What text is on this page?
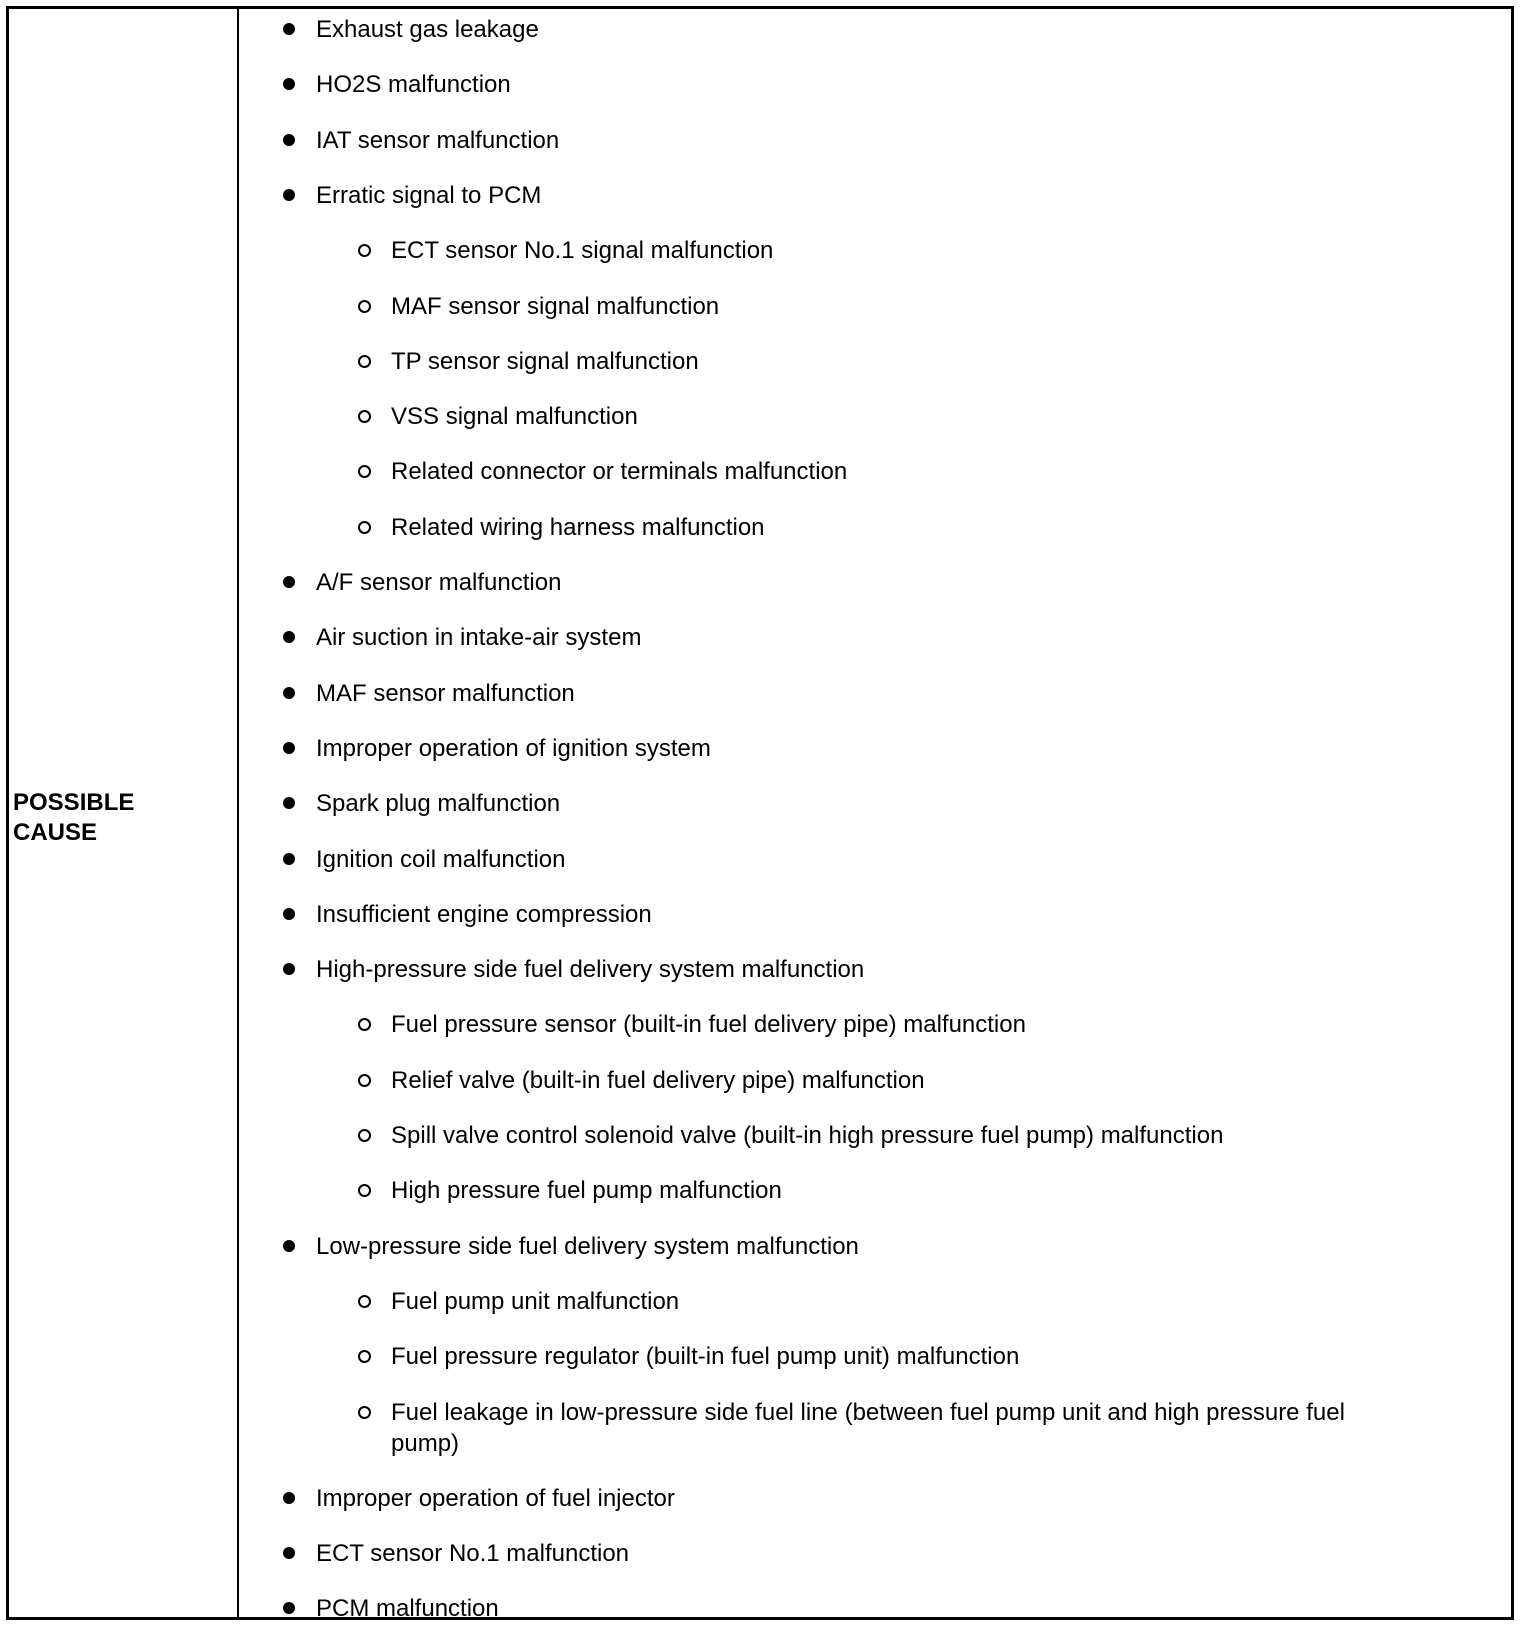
POSSIBLE
CAUSE
Exhaust gas leakage
HO2S malfunction
IAT sensor malfunction
Erratic signal to PCM
ECT sensor No.1 signal malfunction
MAF sensor signal malfunction
TP sensor signal malfunction
VSS signal malfunction
Related connector or terminals malfunction
Related wiring harness malfunction
A/F sensor malfunction
Air suction in intake-air system
MAF sensor malfunction
Improper operation of ignition system
Spark plug malfunction
Ignition coil malfunction
Insufficient engine compression
High-pressure side fuel delivery system malfunction
Fuel pressure sensor (built-in fuel delivery pipe) malfunction
Relief valve (built-in fuel delivery pipe) malfunction
Spill valve control solenoid valve (built-in high pressure fuel pump) malfunction
High pressure fuel pump malfunction
Low-pressure side fuel delivery system malfunction
Fuel pump unit malfunction
Fuel pressure regulator (built-in fuel pump unit) malfunction
Fuel leakage in low-pressure side fuel line (between fuel pump unit and high pressure fuel pump)
Improper operation of fuel injector
ECT sensor No.1 malfunction
PCM malfunction
